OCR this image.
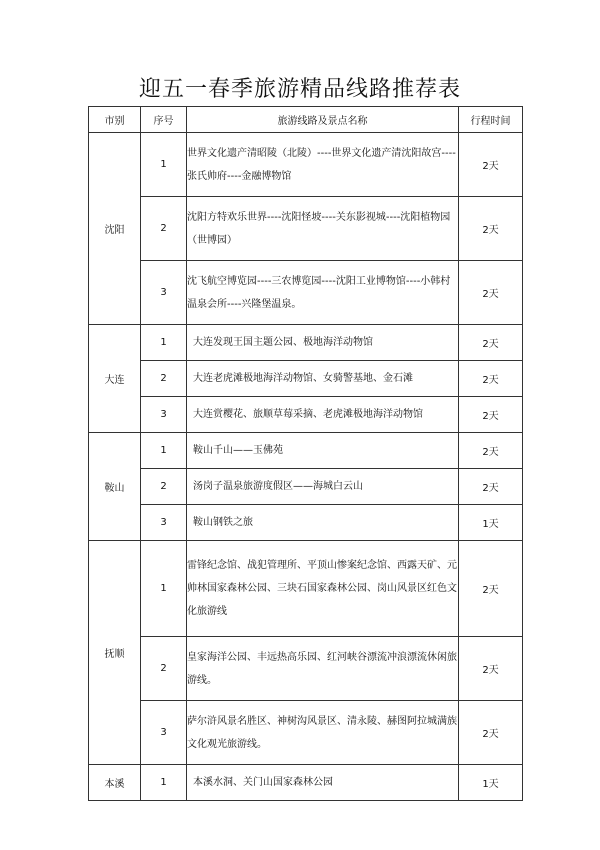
迎五一春季旅游精品线路推荐表
市别	序号	旅游线路及景点名称	行程时间
沈阳	1	世界文化遗产清昭陵（北陵）----世界文化遗产清沈阳故宫----张氏帅府----金融博物馆	2天
	2	沈阳方特欢乐世界----沈阳怪坡----关东影视城----沈阳植物园（世博园）	2天
	3	沈飞航空博览园----三农博览园----沈阳工业博物馆----小韩村温泉会所----兴隆堡温泉。	2天
大连	1	大连发现王国主题公园、极地海洋动物馆	2天
	2	大连老虎滩极地海洋动物馆、女骑警基地、金石滩	2天
	3	大连赏樱花、旅顺草莓采摘、老虎滩极地海洋动物馆	2天
鞍山	1	鞍山千山——玉佛苑	2天
	2	汤岗子温泉旅游度假区——海城白云山	2天
	3	鞍山钢铁之旅	1天
抚顺	1	雷锋纪念馆、战犯管理所、平顶山惨案纪念馆、西露天矿、元帅林国家森林公园、三块石国家森林公园、岗山风景区红色文化旅游线	2天
	2	皇家海洋公园、丰远热高乐园、红河峡谷漂流冲浪漂流休闲旅游线。	2天
	3	萨尔浒风景名胜区、神树沟风景区、清永陵、赫图阿拉城满族文化观光旅游线。	2天
本溪	1	本溪水洞、关门山国家森林公园	1天
